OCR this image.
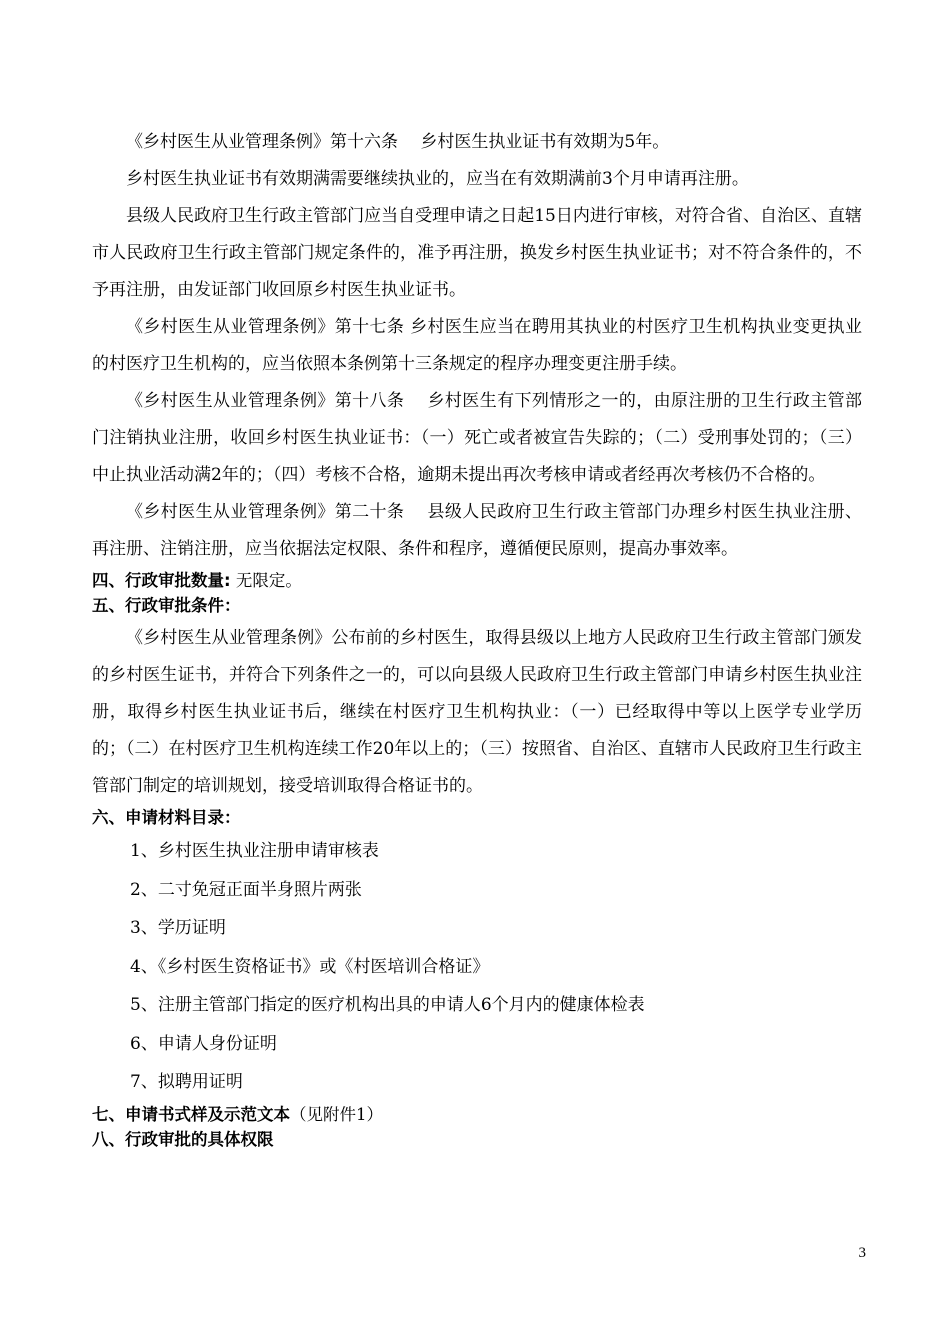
《乡村医生从业管理条例》第十六条　 乡村医生执业证书有效期为5年。

乡村医生执业证书有效期满需要继续执业的，应当在有效期满前3个月申请再注册。

县级人民政府卫生行政主管部门应当自受理申请之日起15日内进行审核，对符合省、自治区、直辖市人民政府卫生行政主管部门规定条件的，准予再注册，换发乡村医生执业证书；对不符合条件的，不予再注册，由发证部门收回原乡村医生执业证书。

《乡村医生从业管理条例》第十七条 乡村医生应当在聘用其执业的村医疗卫生机构执业变更执业的村医疗卫生机构的，应当依照本条例第十三条规定的程序办理变更注册手续。

《乡村医生从业管理条例》第十八条　 乡村医生有下列情形之一的，由原注册的卫生行政主管部门注销执业注册，收回乡村医生执业证书：（一）死亡或者被宣告失踪的；（二）受刑事处罚的；（三）中止执业活动满2年的；（四）考核不合格，逾期未提出再次考核申请或者经再次考核仍不合格的。

《乡村医生从业管理条例》第二十条　 县级人民政府卫生行政主管部门办理乡村医生执业注册、再注册、注销注册，应当依据法定权限、条件和程序，遵循便民原则，提高办事效率。

四、行政审批数量: 无限定。

五、行政审批条件：

《乡村医生从业管理条例》公布前的乡村医生，取得县级以上地方人民政府卫生行政主管部门颁发的乡村医生证书，并符合下列条件之一的，可以向县级人民政府卫生行政主管部门申请乡村医生执业注册，取得乡村医生执业证书后，继续在村医疗卫生机构执业：（一）已经取得中等以上医学专业学历的；（二）在村医疗卫生机构连续工作20年以上的；（三）按照省、自治区、直辖市人民政府卫生行政主管部门制定的培训规划，接受培训取得合格证书的。

六、申请材料目录：

1、乡村医生执业注册申请审核表

2、二寸免冠正面半身照片两张

3、学历证明

4、《乡村医生资格证书》或《村医培训合格证》

5、注册主管部门指定的医疗机构出具的申请人6个月内的健康体检表

6、申请人身份证明

7、拟聘用证明

七、申请书式样及示范文本（见附件1）

八、行政审批的具体权限

3
